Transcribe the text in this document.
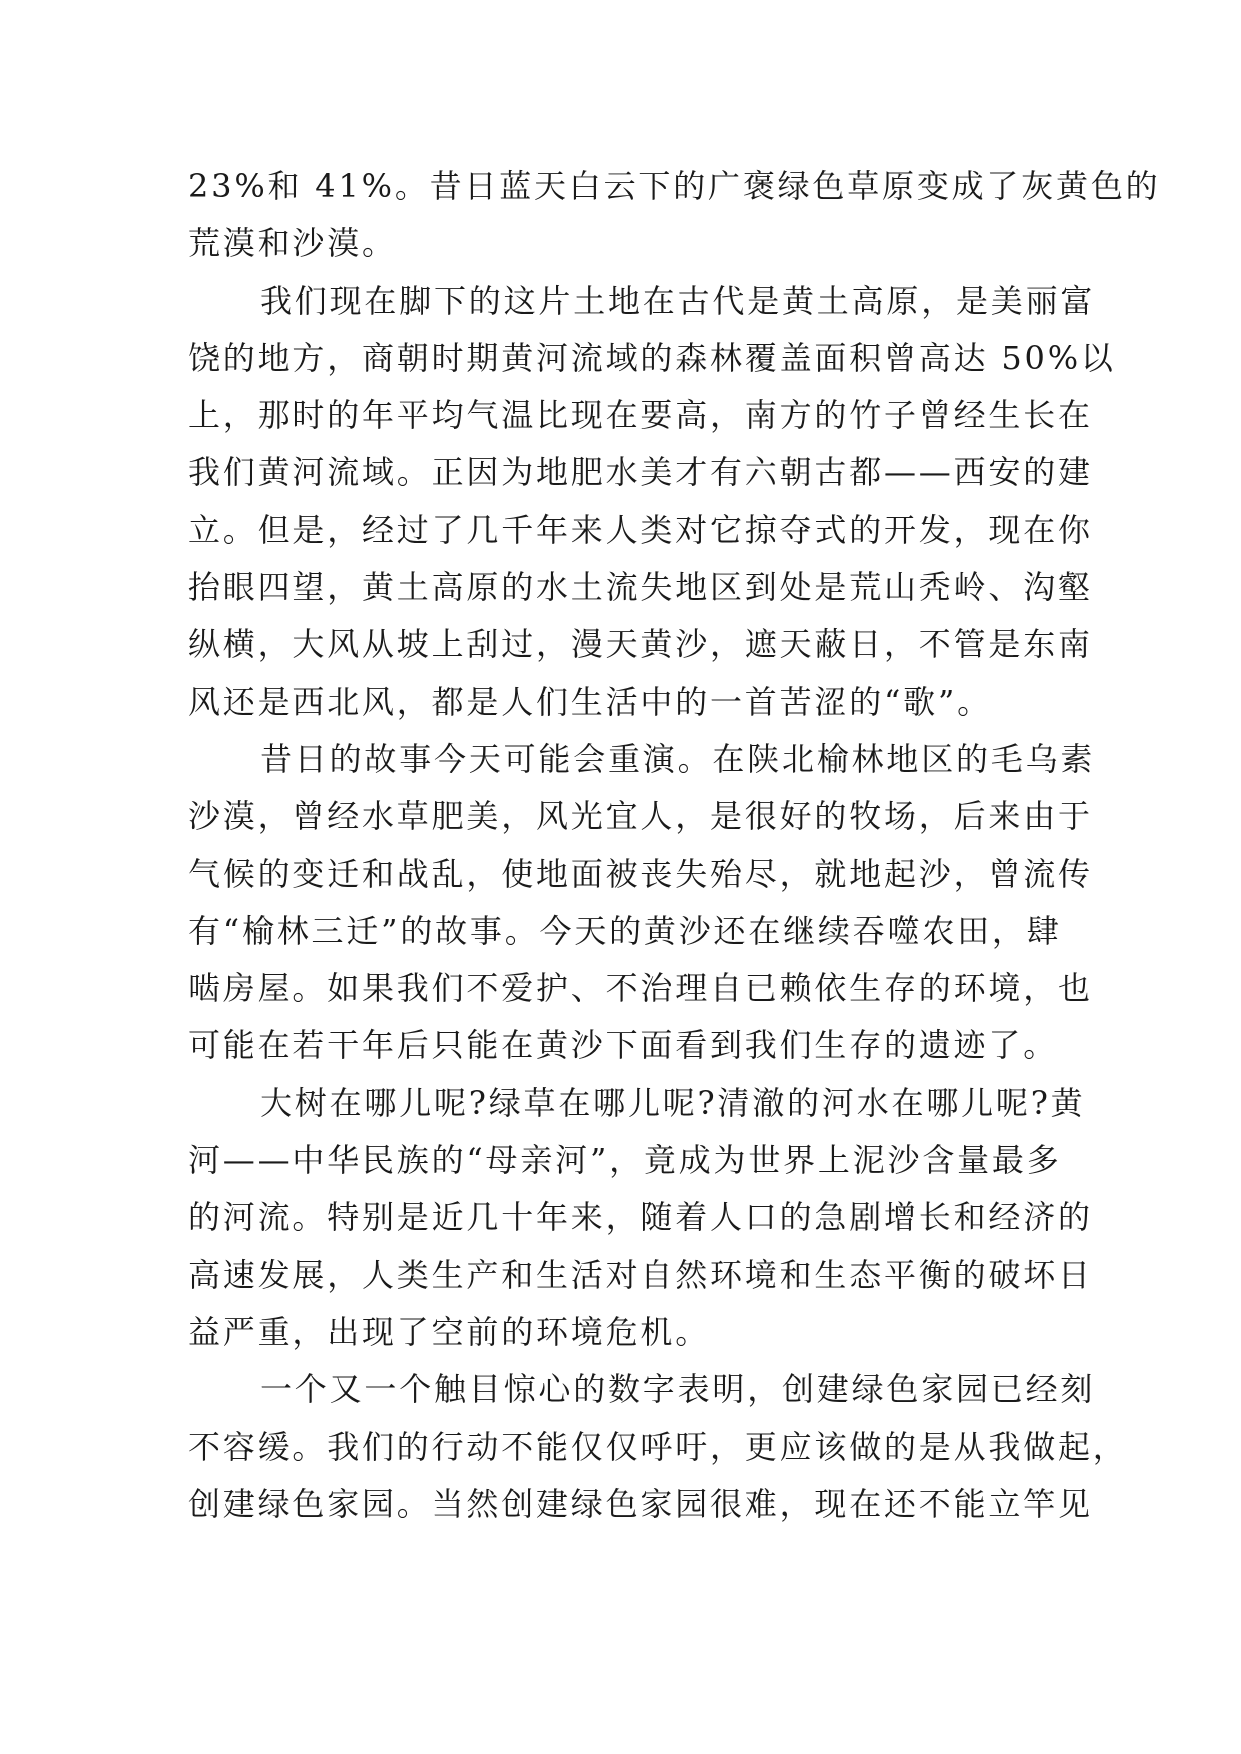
23%和 41%。昔日蓝天白云下的广褒绿色草原变成了灰黄色的
荒漠和沙漠。
我们现在脚下的这片土地在古代是黄土高原，是美丽富
饶的地方，商朝时期黄河流域的森林覆盖面积曾高达 50%以
上，那时的年平均气温比现在要高，南方的竹子曾经生长在
我们黄河流域。正因为地肥水美才有六朝古都——西安的建
立。但是，经过了几千年来人类对它掠夺式的开发，现在你
抬眼四望，黄土高原的水土流失地区到处是荒山秃岭、沟壑
纵横，大风从坡上刮过，漫天黄沙，遮天蔽日，不管是东南
风还是西北风，都是人们生活中的一首苦涩的“歌”。
昔日的故事今天可能会重演。在陕北榆林地区的毛乌素
沙漠，曾经水草肥美，风光宜人，是很好的牧场，后来由于
气候的变迁和战乱，使地面被丧失殆尽，就地起沙，曾流传
有“榆林三迁”的故事。今天的黄沙还在继续吞噬农田，肆
啮房屋。如果我们不爱护、不治理自已赖依生存的环境，也
可能在若干年后只能在黄沙下面看到我们生存的遗迹了。
大树在哪儿呢?绿草在哪儿呢?清澈的河水在哪儿呢?黄
河——中华民族的“母亲河”，竟成为世界上泥沙含量最多
的河流。特别是近几十年来，随着人口的急剧增长和经济的
高速发展，人类生产和生活对自然环境和生态平衡的破坏日
益严重，出现了空前的环境危机。
一个又一个触目惊心的数字表明，创建绿色家园已经刻
不容缓。我们的行动不能仅仅呼吁，更应该做的是从我做起，
创建绿色家园。当然创建绿色家园很难，现在还不能立竿见
